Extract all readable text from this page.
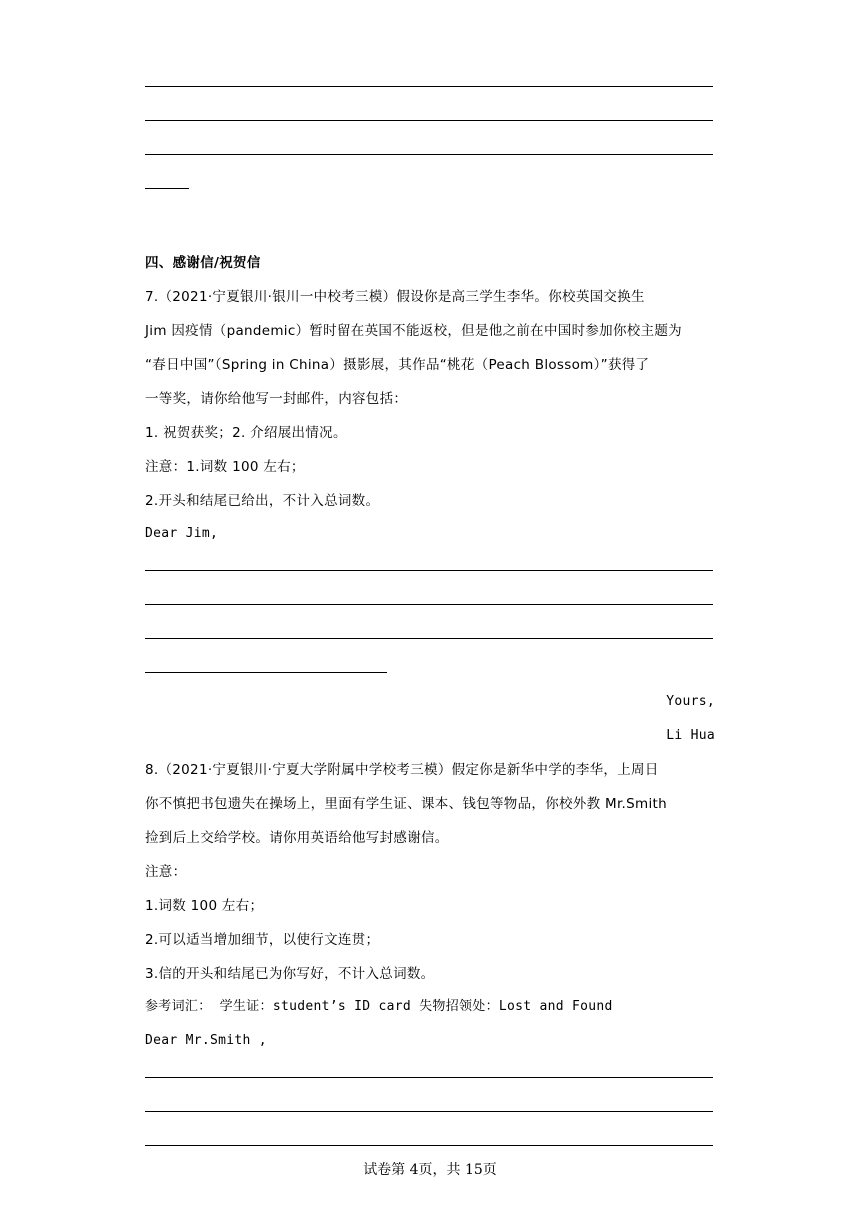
四、感谢信/祝贺信
7.（2021·宁夏银川·银川一中校考三模）假设你是高三学生李华。你校英国交换生
Jim 因疫情（pandemic）暂时留在英国不能返校，但是他之前在中国时参加你校主题为
“春日中国”（Spring in China）摄影展，其作品“桃花（Peach Blossom）”获得了
一等奖，请你给他写一封邮件，内容包括：
1. 祝贺获奖；2. 介绍展出情况。
注意：1.词数 100 左右；
2.开头和结尾已给出，不计入总词数。
Dear Jim,
Yours,
Li Hua
8.（2021·宁夏银川·宁夏大学附属中学校考三模）假定你是新华中学的李华，上周日
你不慎把书包遗失在操场上，里面有学生证、课本、钱包等物品，你校外教 Mr.Smith
捡到后上交给学校。请你用英语给他写封感谢信。
注意：
1.词数 100 左右；
2.可以适当增加细节，以使行文连贯；
3.信的开头和结尾已为你写好，不计入总词数。
参考词汇： 学生证：student’s ID card 失物招领处：Lost and Found
Dear Mr.Smith ,
试卷第 4页，共 15页
